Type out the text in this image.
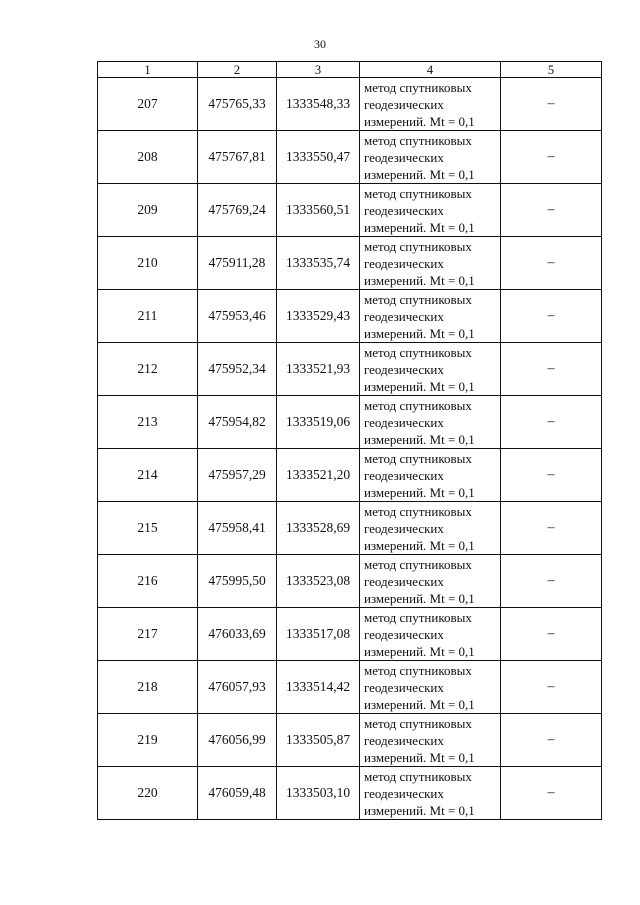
30
1	2	3	4	5
207	475765,33	1333548,33	метод спутниковых
геодезических
измерений. Mt = 0,1	–
208	475767,81	1333550,47	метод спутниковых
геодезических
измерений. Mt = 0,1	–
209	475769,24	1333560,51	метод спутниковых
геодезических
измерений. Mt = 0,1	–
210	475911,28	1333535,74	метод спутниковых
геодезических
измерений. Mt = 0,1	–
211	475953,46	1333529,43	метод спутниковых
геодезических
измерений. Mt = 0,1	–
212	475952,34	1333521,93	метод спутниковых
геодезических
измерений. Mt = 0,1	–
213	475954,82	1333519,06	метод спутниковых
геодезических
измерений. Mt = 0,1	–
214	475957,29	1333521,20	метод спутниковых
геодезических
измерений. Mt = 0,1	–
215	475958,41	1333528,69	метод спутниковых
геодезических
измерений. Mt = 0,1	–
216	475995,50	1333523,08	метод спутниковых
геодезических
измерений. Mt = 0,1	–
217	476033,69	1333517,08	метод спутниковых
геодезических
измерений. Mt = 0,1	–
218	476057,93	1333514,42	метод спутниковых
геодезических
измерений. Mt = 0,1	–
219	476056,99	1333505,87	метод спутниковых
геодезических
измерений. Mt = 0,1	–
220	476059,48	1333503,10	метод спутниковых
геодезических
измерений. Mt = 0,1	–
